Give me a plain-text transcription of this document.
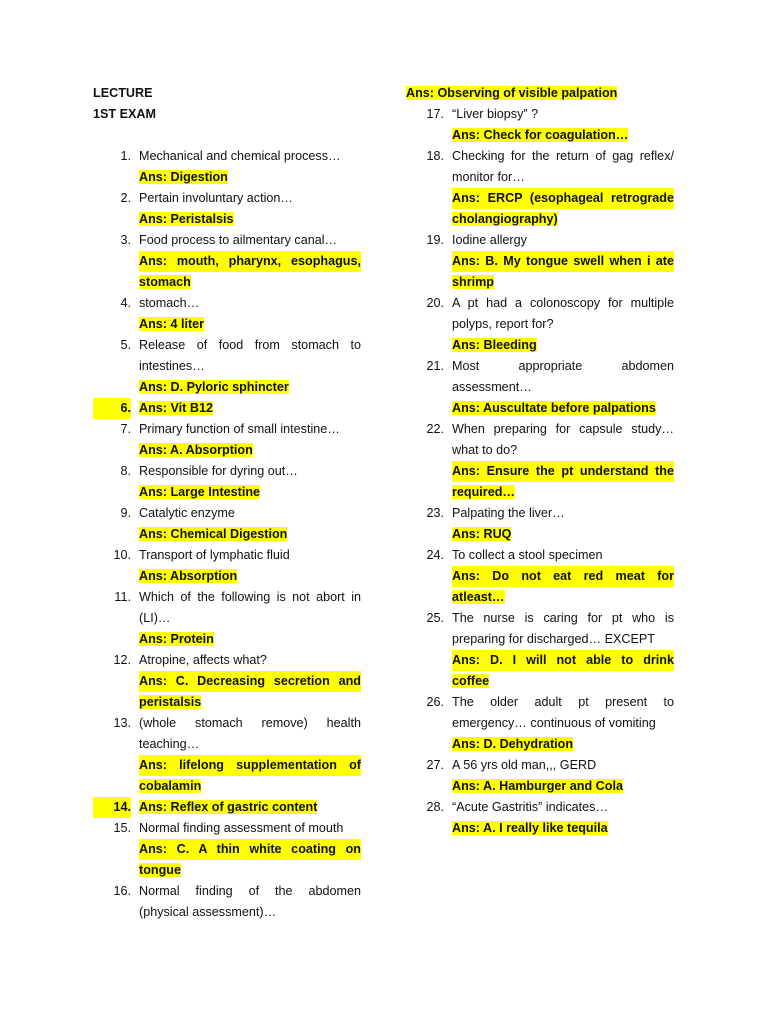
LECTURE
1ST EXAM
1. Mechanical and chemical process…
Ans: Digestion
2. Pertain involuntary action…
Ans: Peristalsis
3. Food process to ailmentary canal…
Ans: mouth, pharynx, esophagus,
stomach
4. stomach…
Ans: 4 liter
5. Release of food from stomach to
intestines…
Ans: D. Pyloric sphincter
6. Ans: Vit B12
7. Primary function of small intestine…
Ans: A. Absorption
8. Responsible for dyring out…
Ans: Large Intestine
9. Catalytic enzyme
Ans: Chemical Digestion
10. Transport of lymphatic fluid
Ans: Absorption
11. Which of the following is not abort in
(LI)…
Ans: Protein
12. Atropine, affects what?
Ans: C. Decreasing secretion and
peristalsis
13. (whole stomach remove) health
teaching…
Ans: lifelong supplementation of
cobalamin
14. Ans: Reflex of gastric content
15. Normal finding assessment of mouth
Ans: C. A thin white coating on
tongue
16. Normal finding of the abdomen
(physical assessment)…
Ans: Observing of visible palpation
17. “Liver biopsy” ?
Ans: Check for coagulation…
18. Checking for the return of gag reflex/
monitor for…
Ans: ERCP (esophageal retrograde
cholangiography)
19. Iodine allergy
Ans: B. My tongue swell when i ate
shrimp
20. A pt had a colonoscopy for multiple
polyps, report for?
Ans: Bleeding
21. Most appropriate abdomen
assessment…
Ans: Auscultate before palpations
22. When preparing for capsule study…
what to do?
Ans: Ensure the pt understand the
required…
23. Palpating the liver…
Ans: RUQ
24. To collect a stool specimen
Ans: Do not eat red meat for
atleast…
25. The nurse is caring for pt who is
preparing for discharged… EXCEPT
Ans: D. I will not able to drink
coffee
26. The older adult pt present to
emergency… continuous of vomiting
Ans: D. Dehydration
27. A 56 yrs old man,,, GERD
Ans: A. Hamburger and Cola
28. “Acute Gastritis” indicates…
Ans: A. I really like tequila
